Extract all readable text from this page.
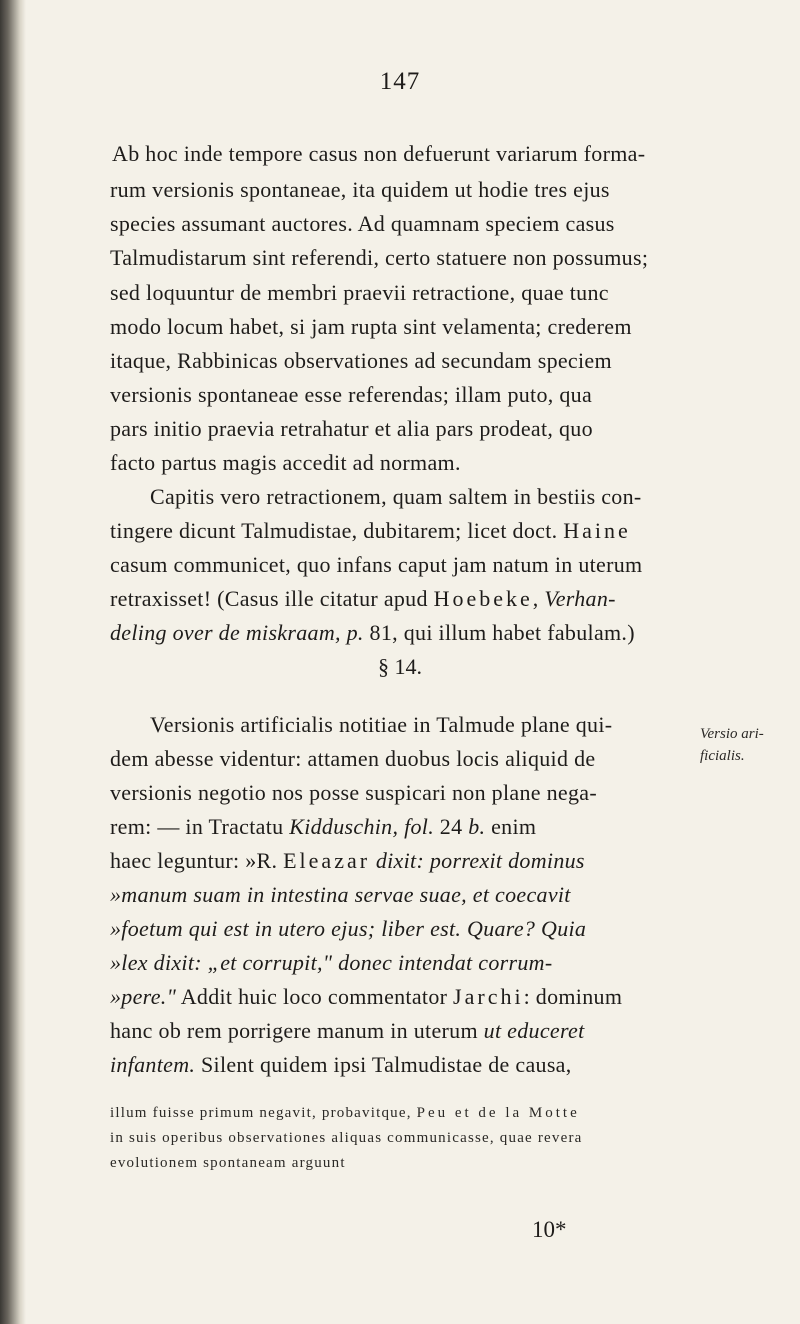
147
Ab hoc inde tempore casus non defuerunt variarum forma-
rum versionis spontaneae, ita quidem ut hodie tres ejus
species assumant auctores. Ad quamnam speciem casus
Talmudistarum sint referendi, certo statuere non possumus;
sed loquuntur de membri praevii retractione, quae tunc
modo locum habet, si jam rupta sint velamenta; crederem
itaque, Rabbinicas observationes ad secundam speciem
versionis spontaneae esse referendas; illam puto, qua
pars initio praevia retrahatur et alia pars prodeat, quo
facto partus magis accedit ad normam.
Capitis vero retractionem, quam saltem in bestiis con-
tingere dicunt Talmudistae, dubitarem; licet doct. Haine
casum communicet, quo infans caput jam natum in uterum
retraxisset! (Casus ille citatur apud Hoebeke, Verhan-
deling over de miskraam, p. 81, qui illum habet fabulam.)
§ 14.
Versionis artificialis notitiae in Talmude plane qui-
dem abesse videntur: attamen duobus locis aliquid de
versionis negotio nos posse suspicari non plane nega-
rem: — in Tractatu Kidduschin, fol. 24 b. enim
haec leguntur: »R. Eleazar dixit: porrexit dominus
»manum suam in intestina servae suae, et coecavit
»foetum qui est in utero ejus; liber est. Quare? Quia
»lex dixit: „et corrupit," donec intendat corrum-
»pere." Addit huic loco commentator Jarchi: dominum
hanc ob rem porrigere manum in uterum ut educeret
infantem. Silent quidem ipsi Talmudistae de causa,
Versio ari-
ficialis.
illum fuisse primum negavit, probavitque, Peu et de la Motte
in suis operibus observationes aliquas communicasse, quae revera
evolutionem spontaneam arguunt
10*
